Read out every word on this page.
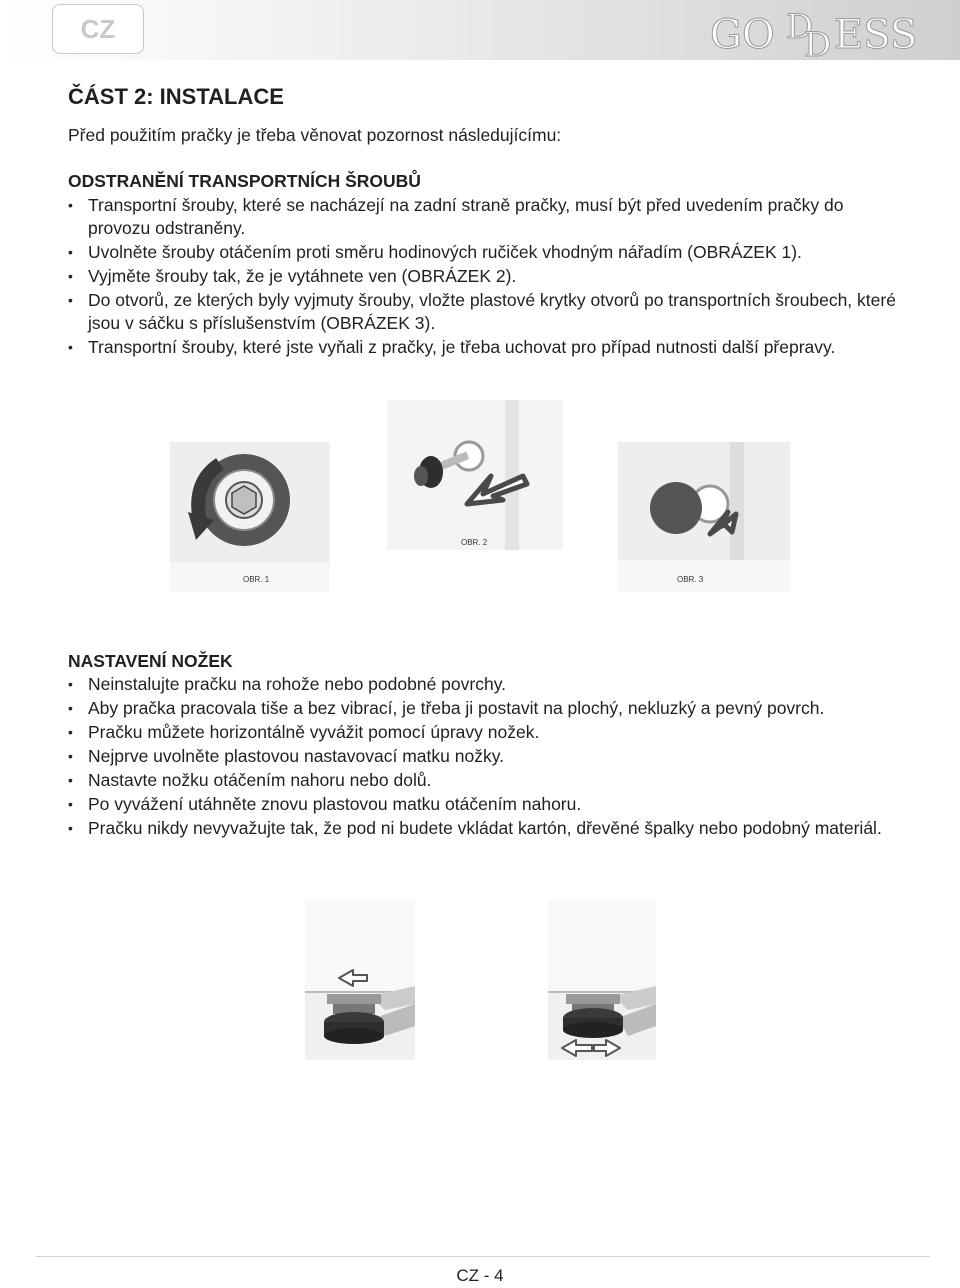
CZ	GO D
D ESS
ČÁST 2: INSTALACE

Před použitím pračky je třeba věnovat pozornost následujícímu:

ODSTRANĚNÍ TRANSPORTNÍCH ŠROUBŮ
• Transportní šrouby, které se nacházejí na zadní straně pračky, musí být před uvedením pračky do provozu odstraněny.
• Uvolněte šrouby otáčením proti směru hodinových ručiček vhodným nářadím (OBRÁZEK 1).
• Vyjměte šrouby tak, že je vytáhnete ven (OBRÁZEK 2).
• Do otvorů, ze kterých byly vyjmuty šrouby, vložte plastové krytky otvorů po transportních šroubech, které jsou v sáčku s příslušenstvím (OBRÁZEK 3).
• Transportní šrouby, které jste vyňali z pračky, je třeba uchovat pro případ nutnosti další přepravy.
OBR. 1
OBR. 2
OBR. 3
NASTAVENÍ NOŽEK
• Neinstalujte pračku na rohože nebo podobné povrchy.
• Aby pračka pracovala tiše a bez vibrací, je třeba ji postavit na plochý, nekluzký a pevný povrch.
• Pračku můžete horizontálně vyvážit pomocí úpravy nožek.
• Nejprve uvolněte plastovou nastavovací matku nožky.
• Nastavte nožku otáčením nahoru nebo dolů.
• Po vyvážení utáhněte znovu plastovou matku otáčením nahoru.
• Pračku nikdy nevyvažujte tak, že pod ni budete vkládat kartón, dřevěné špalky nebo podobný materiál.
CZ - 4
